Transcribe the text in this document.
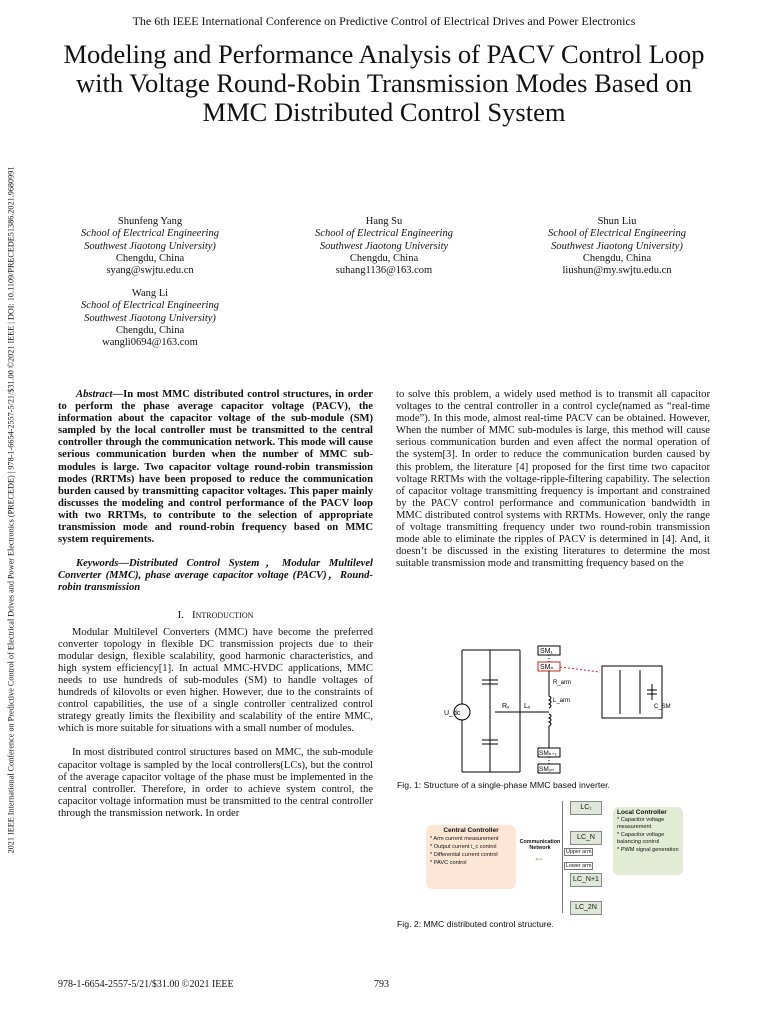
The 6th IEEE International Conference on Predictive Control of Electrical Drives and Power Electronics
Modeling and Performance Analysis of PACV Control Loop with Voltage Round-Robin Transmission Modes Based on MMC Distributed Control System
2021 IEEE International Conference on Predictive Control of Electrical Drives and Power Electronics (PRECEDE) | 978-1-6654-2557-5/21/$31.00 ©2021 IEEE | DOI: 10.1109/PRECEDE51386.2021.9680991	Shunfeng Yang
School of Electrical Engineering
Southwest Jiaotong University)
Chengdu, China
syang@swjtu.edu.cn
Hang Su
School of Electrical Engineering
Southwest Jiaotong University
Chengdu, China
suhang1136@163.com
Shun Liu
School of Electrical Engineering
Southwest Jiaotong University)
Chengdu, China
liushun@my.swjtu.edu.cn
Wang Li
School of Electrical Engineering
Southwest Jiaotong University)
Chengdu, China
wangli0694@163.com

Abstract—In most MMC distributed control structures, in order to perform the phase average capacitor voltage (PACV), the information about the capacitor voltage of the sub-module (SM) sampled by the local controller must be transmitted to the central controller through the communication network. This mode will cause serious communication burden when the number of MMC sub-modules is large. Two capacitor voltage round-robin transmission modes (RRTMs) have been proposed to reduce the communication burden caused by transmitting capacitor voltages. This paper mainly discusses the modeling and control performance of the PACV loop with two RRTMs, to contribute to the selection of appropriate transmission mode and round-robin frequency based on MMC system requirements.

Keywords—Distributed Control System，Modular Multilevel Converter (MMC), phase average capacitor voltage (PACV)，Round-robin transmission

I. Introduction

Modular Multilevel Converters (MMC) have become the preferred converter topology in flexible DC transmission projects due to their modular design, flexible scalability, good harmonic characteristics, and high system efficiency[1]. In actual MMC-HVDC applications, MMC needs to use hundreds of sub-modules (SM) to handle voltages of hundreds of kilovolts or even higher. However, due to the constraints of control capabilities, the use of a single controller centralized control strategy greatly limits the flexibility and scalability of the entire MMC, which is more suitable for situations with a small number of modules.

In most distributed control structures based on MMC, the sub-module capacitor voltage is sampled by the local controllers(LCs), but the control of the average capacitor voltage of the phase must be implemented in the central controller. Therefore, in order to achieve system control, the capacitor voltage information must be transmitted to the central controller through the transmission network. In order

to solve this problem, a widely used method is to transmit all capacitor voltages to the central controller in a control cycle(named as “real-time mode”). In this mode, almost real-time PACV can be obtained. However, When the number of MMC sub-modules is large, this method will cause serious communication burden and even affect the normal operation of the system[3]. In order to reduce the communication burden caused by this problem, the literature [4] proposed for the first time two capacitor voltage RRTMs with the voltage-ripple-filtering capability. The selection of capacitor voltage transmitting frequency is important and constrained by the PACV control performance and communication bandwidth in MMC distributed control systems with RRTMs. However, only the range of voltage transmitting frequency under two round-robin transmission mode able to eliminate the ripples of PACV is determined in [4]. And, it doesn’t be discussed in the existing literatures to determine the most suitable transmission mode and transmitting frequency based on the

SM₁
SMₙ
SMₙ₊₁
SM₂ₙ
U_dc
Rₓ Lₓ
L_arm
R_arm
C_SM
Fig. 1: Structure of a single-phase MMC based inverter.
Central Controller
* Arm current measurement
* Output current i_c control
* Differential current control
* PAVC control	⇔
Communication Network
Upper arm
Lower arm
LC₁
LC_N
LC_N+1
LC_2N
Local Controller
* Capacitor voltage measurement
* Capacitor voltage balancing control
* PWM signal generation
Fig. 2: MMC distributed control structure.
978-1-6654-2557-5/21/$31.00 ©2021 IEEE	793
